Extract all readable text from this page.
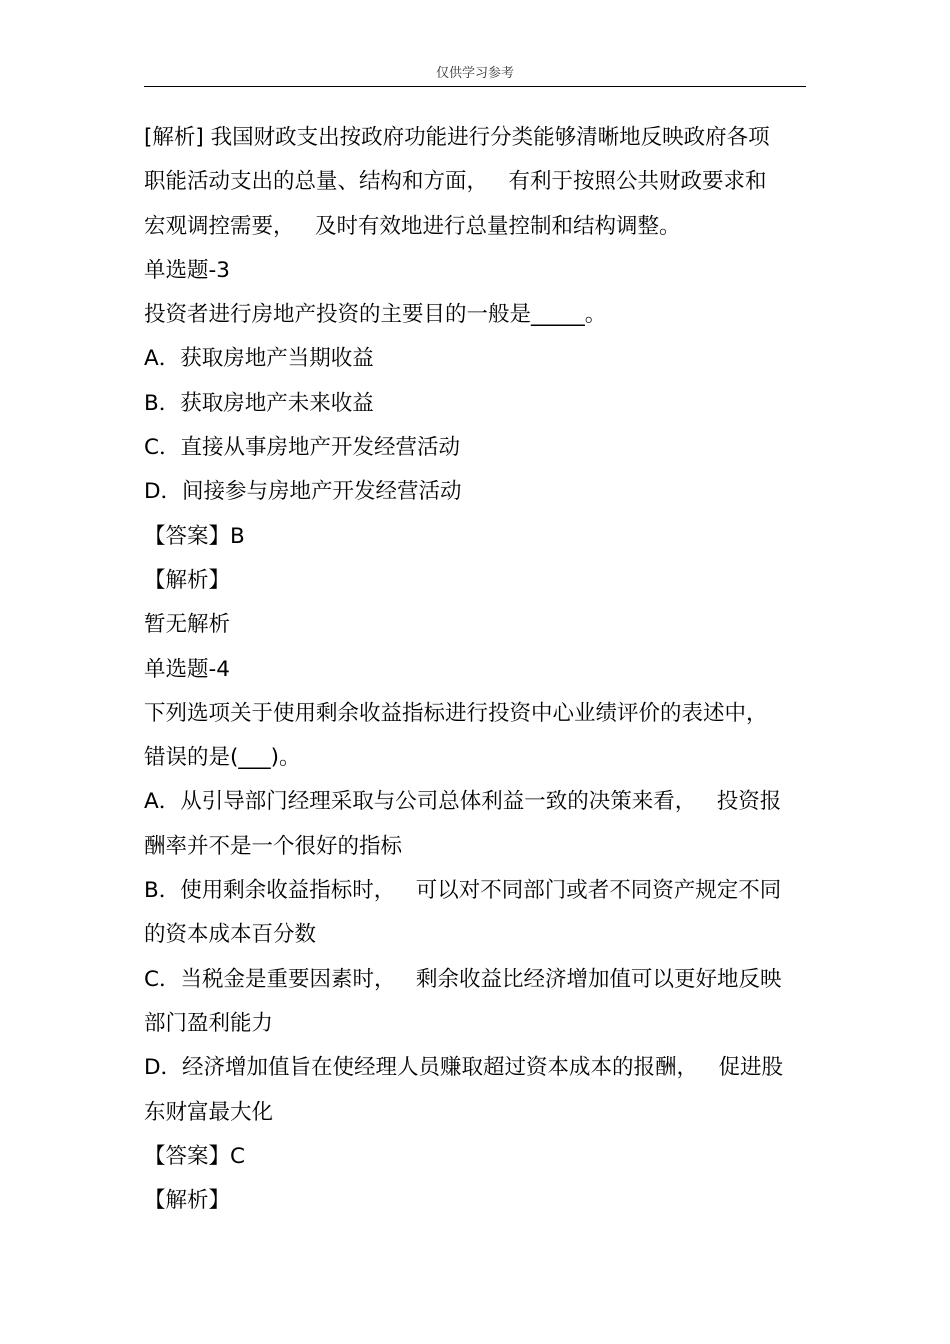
仅供学习参考
[解析] 我国财政支出按政府功能进行分类能够清晰地反映政府各项
职能活动支出的总量、结构和方面，   有利于按照公共财政要求和
宏观调控需要，   及时有效地进行总量控制和结构调整。
单选题-3
投资者进行房地产投资的主要目的一般是_____。
A．获取房地产当期收益
B．获取房地产未来收益
C．直接从事房地产开发经营活动
D．间接参与房地产开发经营活动
【答案】B
【解析】
暂无解析
单选题-4
下列选项关于使用剩余收益指标进行投资中心业绩评价的表述中，
错误的是(___)。
A．从引导部门经理采取与公司总体利益一致的决策来看，   投资报
酬率并不是一个很好的指标
B．使用剩余收益指标时，   可以对不同部门或者不同资产规定不同
的资本成本百分数
C．当税金是重要因素时，   剩余收益比经济增加值可以更好地反映
部门盈利能力
D．经济增加值旨在使经理人员赚取超过资本成本的报酬，   促进股
东财富最大化
【答案】C
【解析】
